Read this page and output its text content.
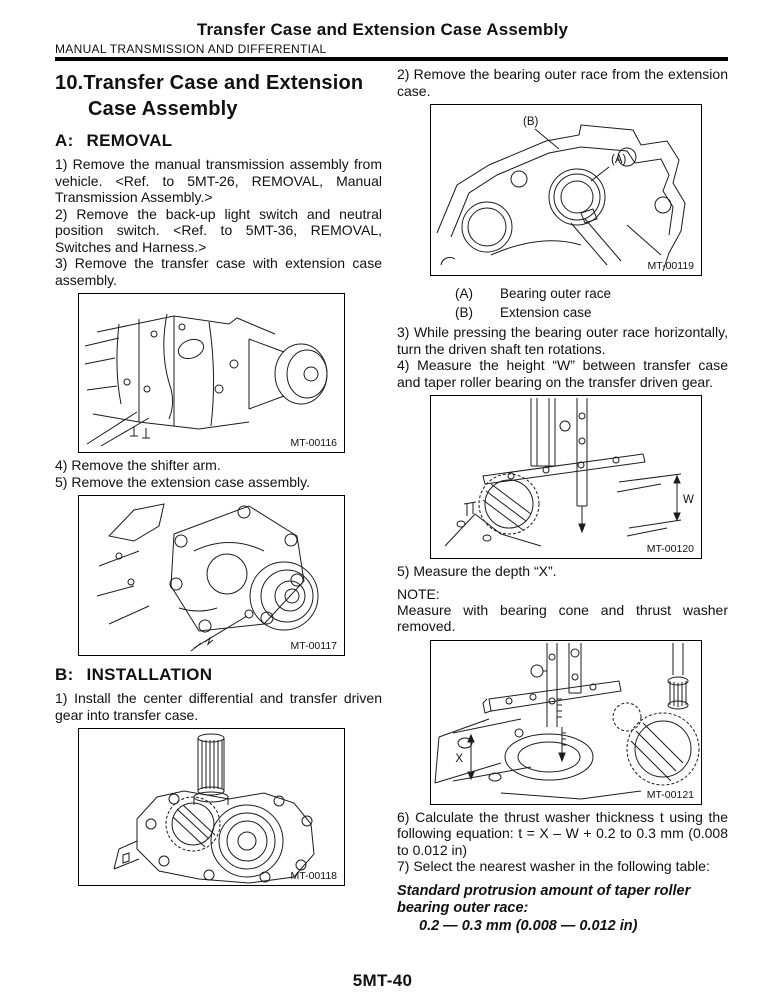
Transfer Case and Extension Case Assembly
MANUAL TRANSMISSION AND DIFFERENTIAL
10.Transfer Case and Extension Case Assembly
A: REMOVAL

1) Remove the manual transmission assembly from vehicle. <Ref. to 5MT-26, REMOVAL, Manual Transmission Assembly.>

2) Remove the back-up light switch and neutral position switch. <Ref. to 5MT-36, REMOVAL, Switches and Harness.>

3) Remove the transfer case with extension case assembly.

MT-00116

4) Remove the shifter arm.

5) Remove the extension case assembly.

MT-00117
B: INSTALLATION

1) Install the center differential and transfer driven gear into transfer case.

MT-00118

2) Remove the bearing outer race from the extension case.

(B)
(A)
MT-00119
(A)	Bearing outer race
(B)	Extension case

3) While pressing the bearing outer race horizontally, turn the driven shaft ten rotations.

4) Measure the height “W” between transfer case and taper roller bearing on the transfer driven gear.

W
MT-00120

5) Measure the depth “X”.

NOTE:

Measure with bearing cone and thrust washer removed.

X
MT-00121

6) Calculate the thrust washer thickness t using the following equation: t = X – W + 0.2 to 0.3 mm (0.008 to 0.012 in)

7) Select the nearest washer in the following table:

Standard protrusion amount of taper roller bearing outer race:
0.2 — 0.3 mm (0.008 — 0.012 in)
5MT-40
